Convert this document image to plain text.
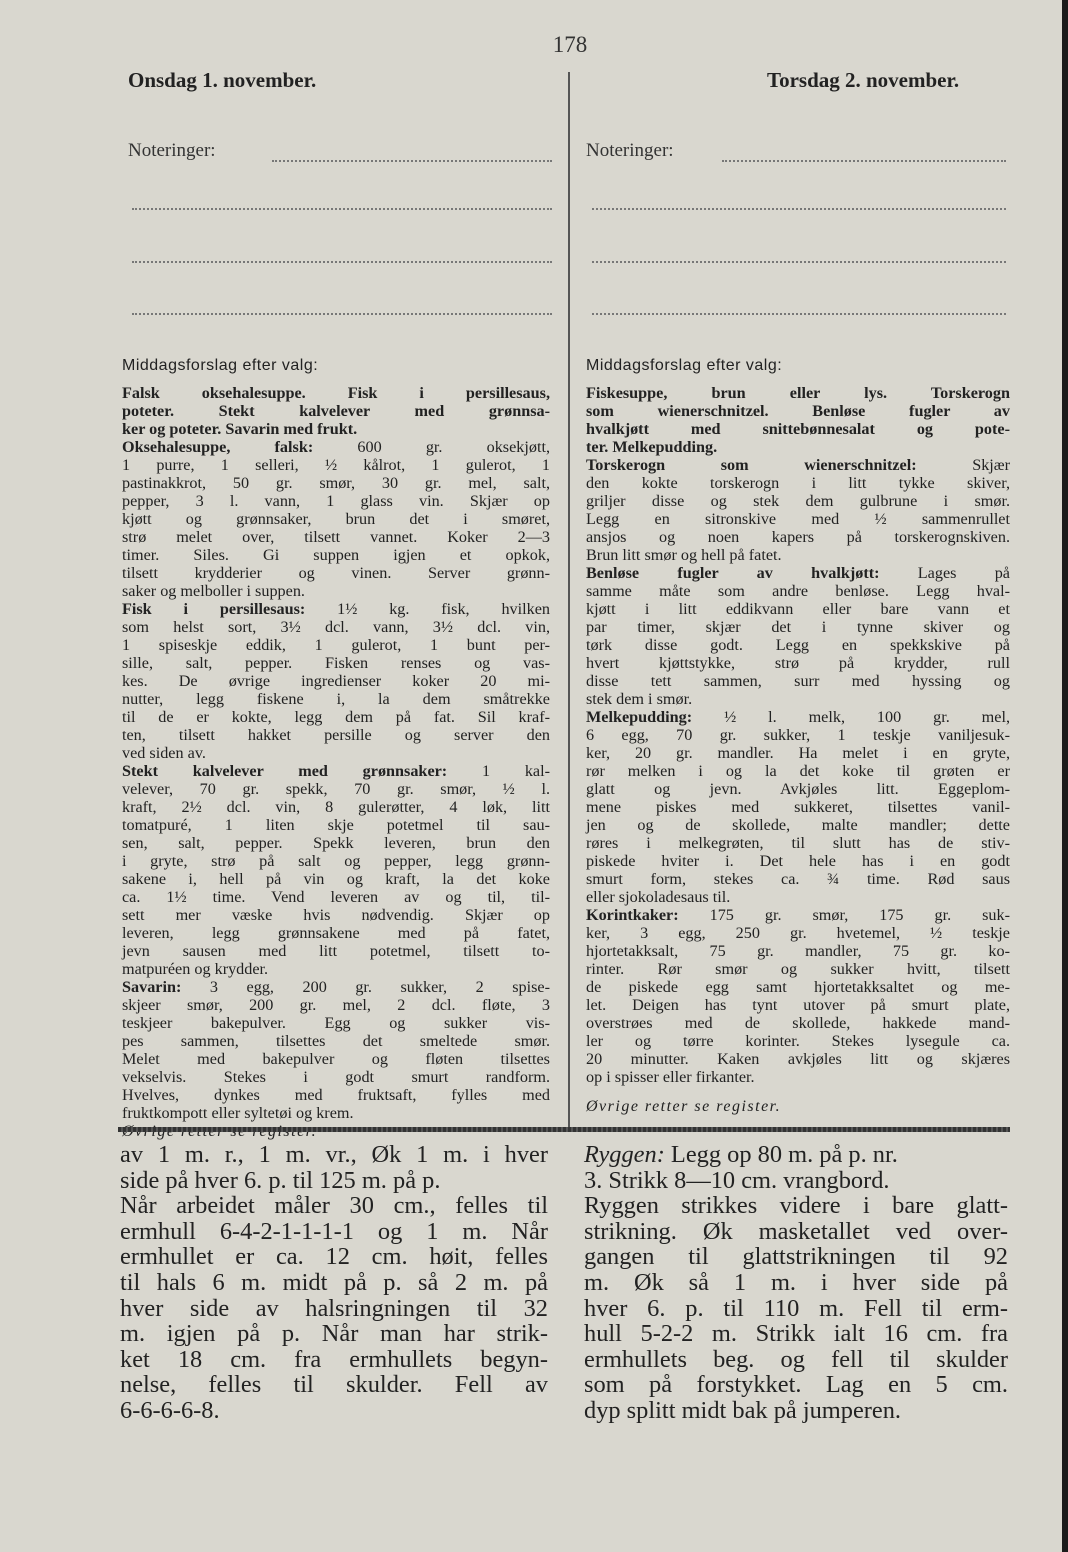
178
Onsdag 1. november.
Noteringer:
Middagsforslag efter valg:
Falsk oksehalesuppe. Fisk i persillesaus,
poteter. Stekt kalvelever med grønnsa-
ker og poteter. Savarin med frukt.
Oksehalesuppe, falsk: 600 gr. oksekjøtt,
1 purre, 1 selleri, ½ kålrot, 1 gulerot, 1
pastinakkrot, 50 gr. smør, 30 gr. mel, salt,
pepper, 3 l. vann, 1 glass vin. Skjær op
kjøtt og grønnsaker, brun det i smøret,
strø melet over, tilsett vannet. Koker 2—3
timer. Siles. Gi suppen igjen et opkok,
tilsett krydderier og vinen. Server grønn-
saker og melboller i suppen.
Fisk i persillesaus: 1½ kg. fisk, hvilken
som helst sort, 3½ dcl. vann, 3½ dcl. vin,
1 spiseskje eddik, 1 gulerot, 1 bunt per-
sille, salt, pepper. Fisken renses og vas-
kes. De øvrige ingredienser koker 20 mi-
nutter, legg fiskene i, la dem småtrekke
til de er kokte, legg dem på fat. Sil kraf-
ten, tilsett hakket persille og server den
ved siden av.
Stekt kalvelever med grønnsaker: 1 kal-
velever, 70 gr. spekk, 70 gr. smør, ½ l.
kraft, 2½ dcl. vin, 8 gulerøtter, 4 løk, litt
tomatpuré, 1 liten skje potetmel til sau-
sen, salt, pepper. Spekk leveren, brun den
i gryte, strø på salt og pepper, legg grønn-
sakene i, hell på vin og kraft, la det koke
ca. 1½ time. Vend leveren av og til, til-
sett mer væske hvis nødvendig. Skjær op
leveren, legg grønnsakene med på fatet,
jevn sausen med litt potetmel, tilsett to-
matpuréen og krydder.
Savarin: 3 egg, 200 gr. sukker, 2 spise-
skjeer smør, 200 gr. mel, 2 dcl. fløte, 3
teskjeer bakepulver. Egg og sukker vis-
pes sammen, tilsettes det smeltede smør.
Melet med bakepulver og fløten tilsettes
vekselvis. Stekes i godt smurt randform.
Hvelves, dynkes med fruktsaft, fylles med
fruktkompott eller syltetøi og krem.
Torsdag 2. november.
Noteringer:
Middagsforslag efter valg:
Fiskesuppe, brun eller lys. Torskerogn
som wienerschnitzel. Benløse fugler av
hvalkjøtt med snittebønnesalat og pote-
ter. Melkepudding.
Torskerogn som wienerschnitzel: Skjær
den kokte torskerogn i litt tykke skiver,
griljer disse og stek dem gulbrune i smør.
Legg en sitronskive med ½ sammenrullet
ansjos og noen kapers på torskerognskiven.
Brun litt smør og hell på fatet.
Benløse fugler av hvalkjøtt: Lages på
samme måte som andre benløse. Legg hval-
kjøtt i litt eddikvann eller bare vann et
par timer, skjær det i tynne skiver og
tørk disse godt. Legg en spekkskive på
hvert kjøttstykke, strø på krydder, rull
disse tett sammen, surr med hyssing og
stek dem i smør.
Melkepudding: ½ l. melk, 100 gr. mel,
6 egg, 70 gr. sukker, 1 teskje vaniljesuk-
ker, 20 gr. mandler. Ha melet i en gryte,
rør melken i og la det koke til grøten er
glatt og jevn. Avkjøles litt. Eggeplom-
mene piskes med sukkeret, tilsettes vanil-
jen og de skollede, malte mandler; dette
røres i melkegrøten, til slutt has de stiv-
piskede hviter i. Det hele has i en godt
smurt form, stekes ca. ¾ time. Rød saus
eller sjokoladesaus til.
Korintkaker: 175 gr. smør, 175 gr. suk-
ker, 3 egg, 250 gr. hvetemel, ½ teskje
hjortetakksalt, 75 gr. mandler, 75 gr. ko-
rinter. Rør smør og sukker hvitt, tilsett
de piskede egg samt hjortetakksaltet og me-
let. Deigen has tynt utover på smurt plate,
overstrøes med de skollede, hakkede mand-
ler og tørre korinter. Stekes lysegule ca.
20 minutter. Kaken avkjøles litt og skjæres
op i spisser eller firkanter.
Øvrige retter se register.
av 1 m. r., 1 m. vr., Øk 1 m. i hver
side på hver 6. p. til 125 m. på p.
Når arbeidet måler 30 cm., felles til
ermhull 6-4-2-1-1-1-1 og 1 m. Når
ermhullet er ca. 12 cm. høit, felles
til hals 6 m. midt på p. så 2 m. på
hver side av halsringningen til 32
m. igjen på p. Når man har strik-
ket 18 cm. fra ermhullets begyn-
nelse, felles til skulder. Fell av
6-6-6-6-8.
Ryggen: Legg op 80 m. på p. nr.
3. Strikk 8—10 cm. vrangbord.
Ryggen strikkes videre i bare glatt-
strikning. Øk masketallet ved over-
gangen til glattstrikningen til 92
m. Øk så 1 m. i hver side på
hver 6. p. til 110 m. Fell til erm-
hull 5-2-2 m. Strikk ialt 16 cm. fra
ermhullets beg. og fell til skulder
som på forstykket. Lag en 5 cm.
dyp splitt midt bak på jumperen.
